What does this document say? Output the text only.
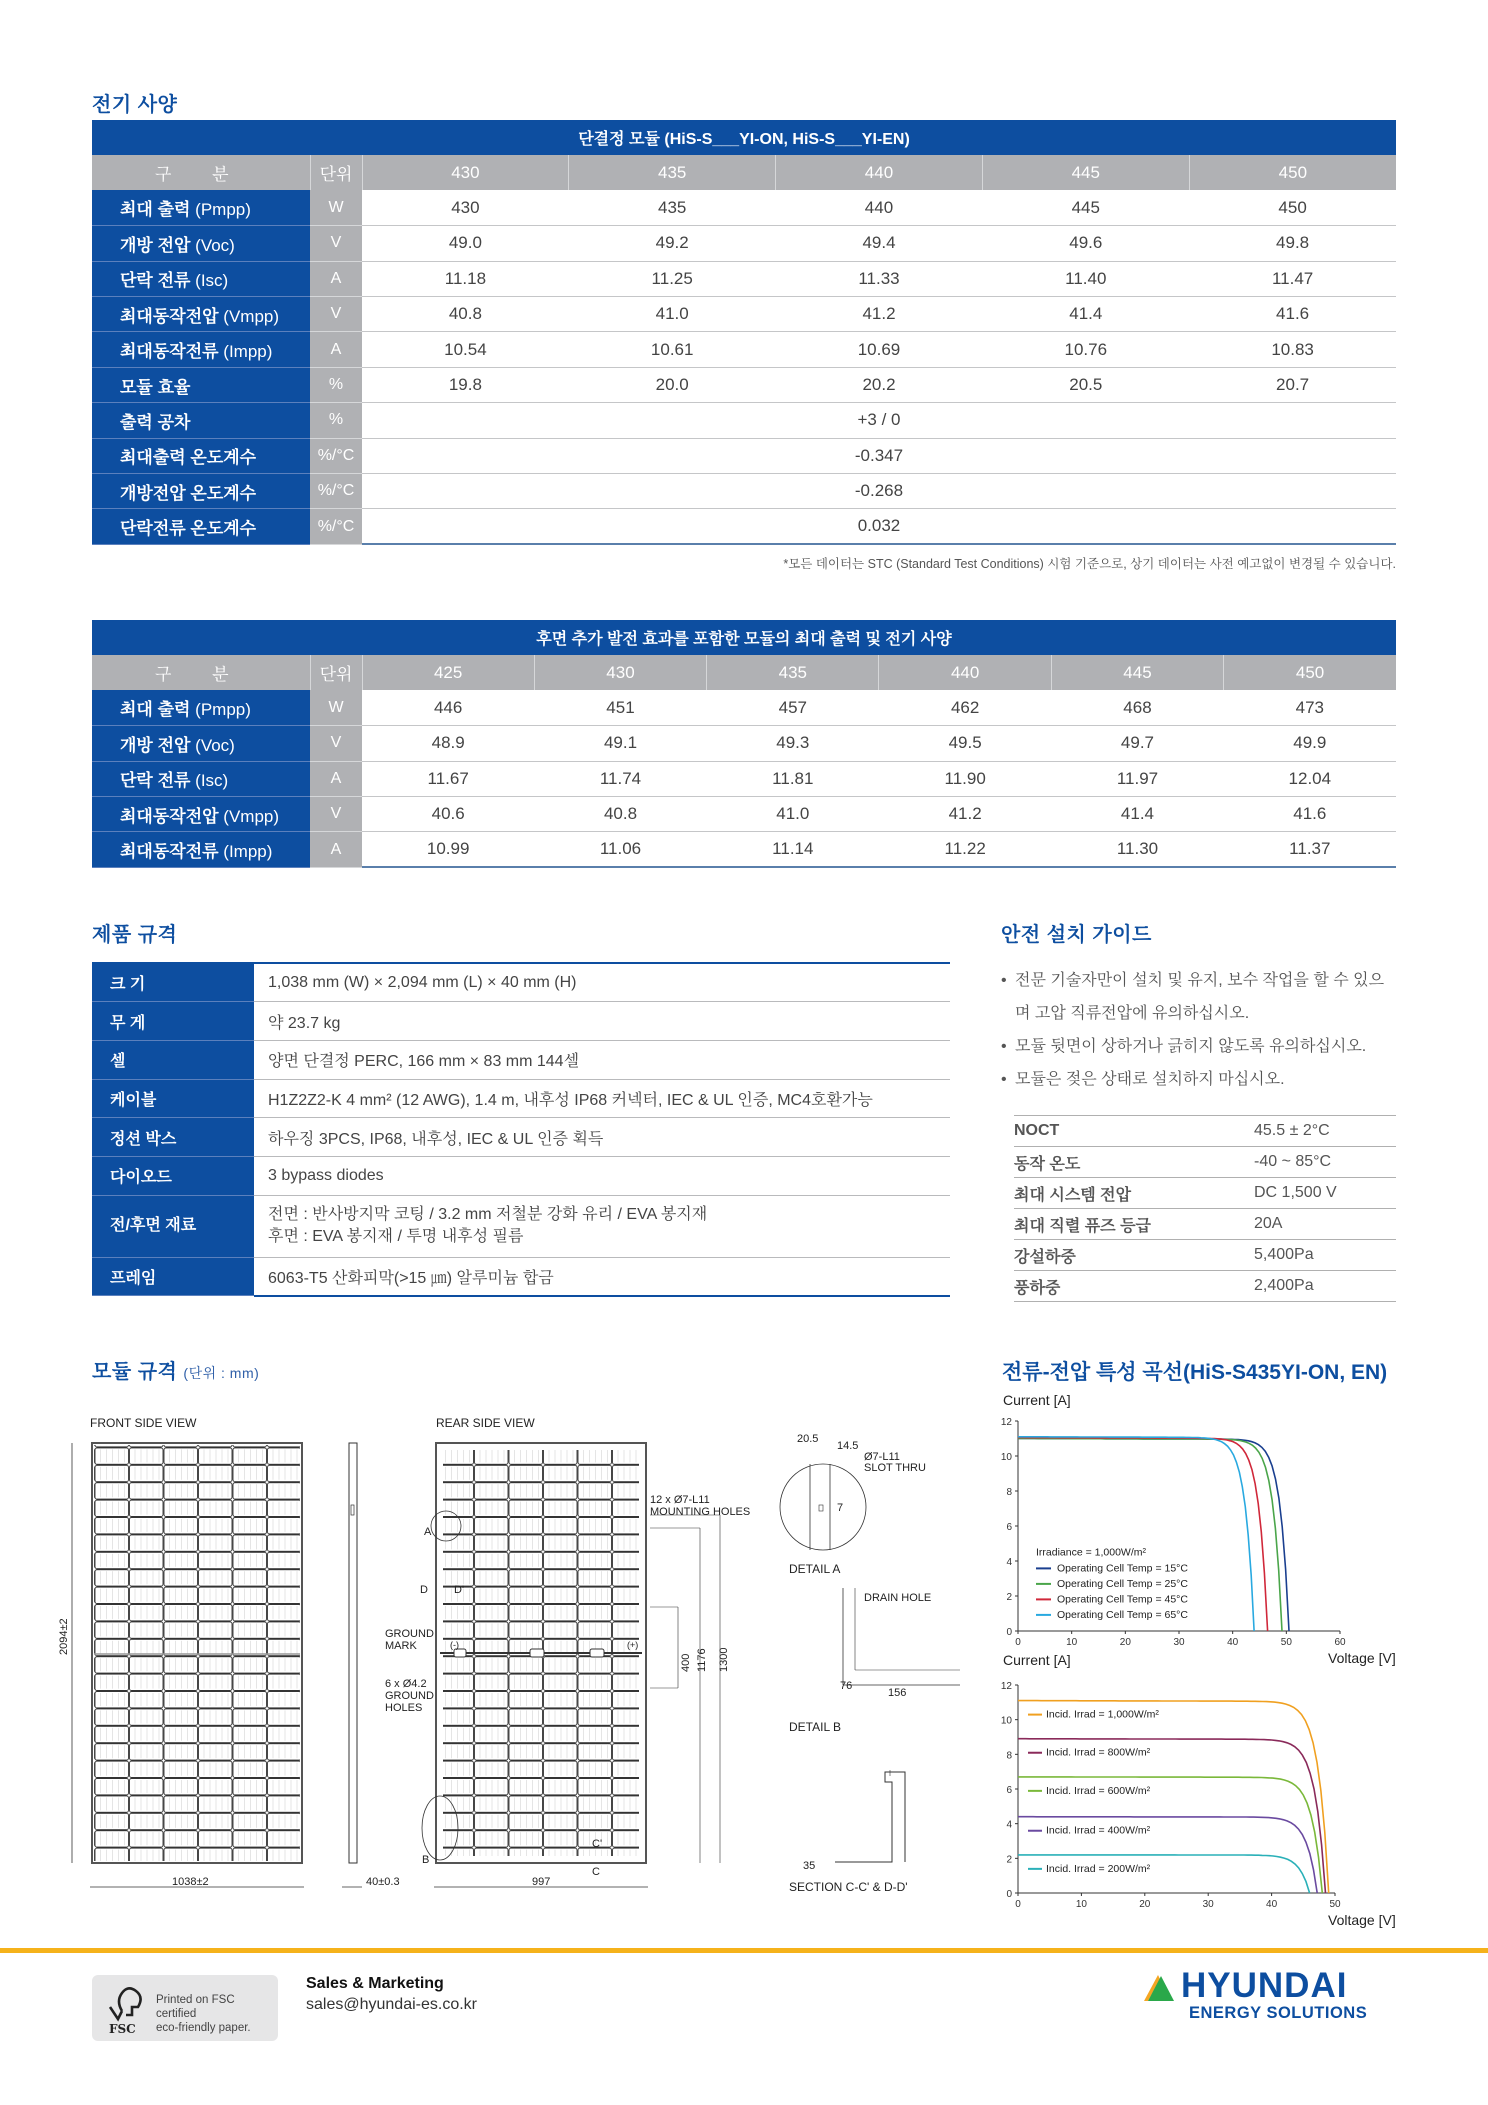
전기 사양
단결정 모듈 (HiS-S___YI-ON, HiS-S___YI-EN)						
구 분	단위	430	435	440	445	450
최대 출력 (Pmpp)	W	430	435	440	445	450
개방 전압 (Voc)	V	49.0	49.2	49.4	49.6	49.8
단락 전류 (Isc)	A	11.18	11.25	11.33	11.40	11.47
최대동작전압 (Vmpp)	V	40.8	41.0	41.2	41.4	41.6
최대동작전류 (Impp)	A	10.54	10.61	10.69	10.76	10.83
모듈 효율	%	19.8	20.0	20.2	20.5	20.7
출력 공차	%	+3 / 0				
최대출력 온도계수	%/°C	-0.347				
개방전압 온도계수	%/°C	-0.268				
단락전류 온도계수	%/°C	0.032				
*모든 데이터는 STC (Standard Test Conditions) 시험 기준으로, 상기 데이터는 사전 예고없이 변경될 수 있습니다.
후면 추가 발전 효과를 포함한 모듈의 최대 출력 및 전기 사양							
구 분	단위	425	430	435	440	445	450
최대 출력 (Pmpp)	W	446	451	457	462	468	473
개방 전압 (Voc)	V	48.9	49.1	49.3	49.5	49.7	49.9
단락 전류 (Isc)	A	11.67	11.74	11.81	11.90	11.97	12.04
최대동작전압 (Vmpp)	V	40.6	40.8	41.0	41.2	41.4	41.6
최대동작전류 (Impp)	A	10.99	11.06	11.14	11.22	11.30	11.37
제품 규격
크 기	1,038 mm (W) × 2,094 mm (L) × 40 mm (H)

무 게	약 23.7 kg

셀	양면 단결정 PERC, 166 mm × 83 mm 144셀

케이블	H1Z2Z2-K 4 mm² (12 AWG), 1.4 m, 내후성 IP68 커넥터, IEC & UL 인증, MC4호환가능

정션 박스	하우징 3PCS, IP68, 내후성, IEC & UL 인증 획득

다이오드	3 bypass diodes

전/후면 재료	전면 : 반사방지막 코팅 / 3.2 mm 저철분 강화 유리 / EVA 봉지재
후면 : EVA 봉지재 / 투명 내후성 필름

프레임	6063-T5 산화피막(>15 ㎛) 알루미늄 합금
안전 설치 가이드
• 전문 기술자만이 설치 및 유지, 보수 작업을 할 수 있으며 고압 직류전압에 유의하십시오.
• 모듈 뒷면이 상하거나 긁히지 않도록 유의하십시오.
• 모듈은 젖은 상태로 설치하지 마십시오.
NOCT	45.5 ± 2°C
동작 온도	-40 ~ 85°C
최대 시스템 전압	DC 1,500 V
최대 직렬 퓨즈 등급	20A
강설하중	5,400Pa
풍하중	2,400Pa
모듈 규격 (단위 : mm)
FRONT SIDE VIEW	REAR SIDE VIEW
2094±2
1038±2	40±0.3	997
400 1176 1300
12 x Ø7-L11
MOUNTING HOLES
GROUND
MARK
6 x Ø4.2
GROUND
HOLES
A
B
D D'
C'
C
(-)	(+)
20.5
14.5
Ø7-L11
SLOT THRU
7
DETAIL A
DRAIN HOLE
76
156
DETAIL B
35
SECTION C-C' & D-D'
전류-전압 특성 곡선(HiS-S435YI-ON, EN)
Current [A]
Voltage [V]
0	10	20	30	40	50	60
0
2
4
6
8
10
12
Irradiance = 1,000W/m²
Operating Cell Temp = 15°C
Operating Cell Temp = 25°C
Operating Cell Temp = 45°C
Operating Cell Temp = 65°C
Current [A]
Voltage [V]
0	10	20	30	40	50
0
2
4
6
8
10
12
Incid. Irrad = 1,000W/m²
Incid. Irrad = 800W/m²
Incid. Irrad = 600W/m²
Incid. Irrad = 400W/m²
Incid. Irrad = 200W/m²
FSC
Printed on FSC certified
eco-friendly paper.
Sales & Marketing
sales@hyundai-es.co.kr	HYUNDAI
ENERGY SOLUTIONS
